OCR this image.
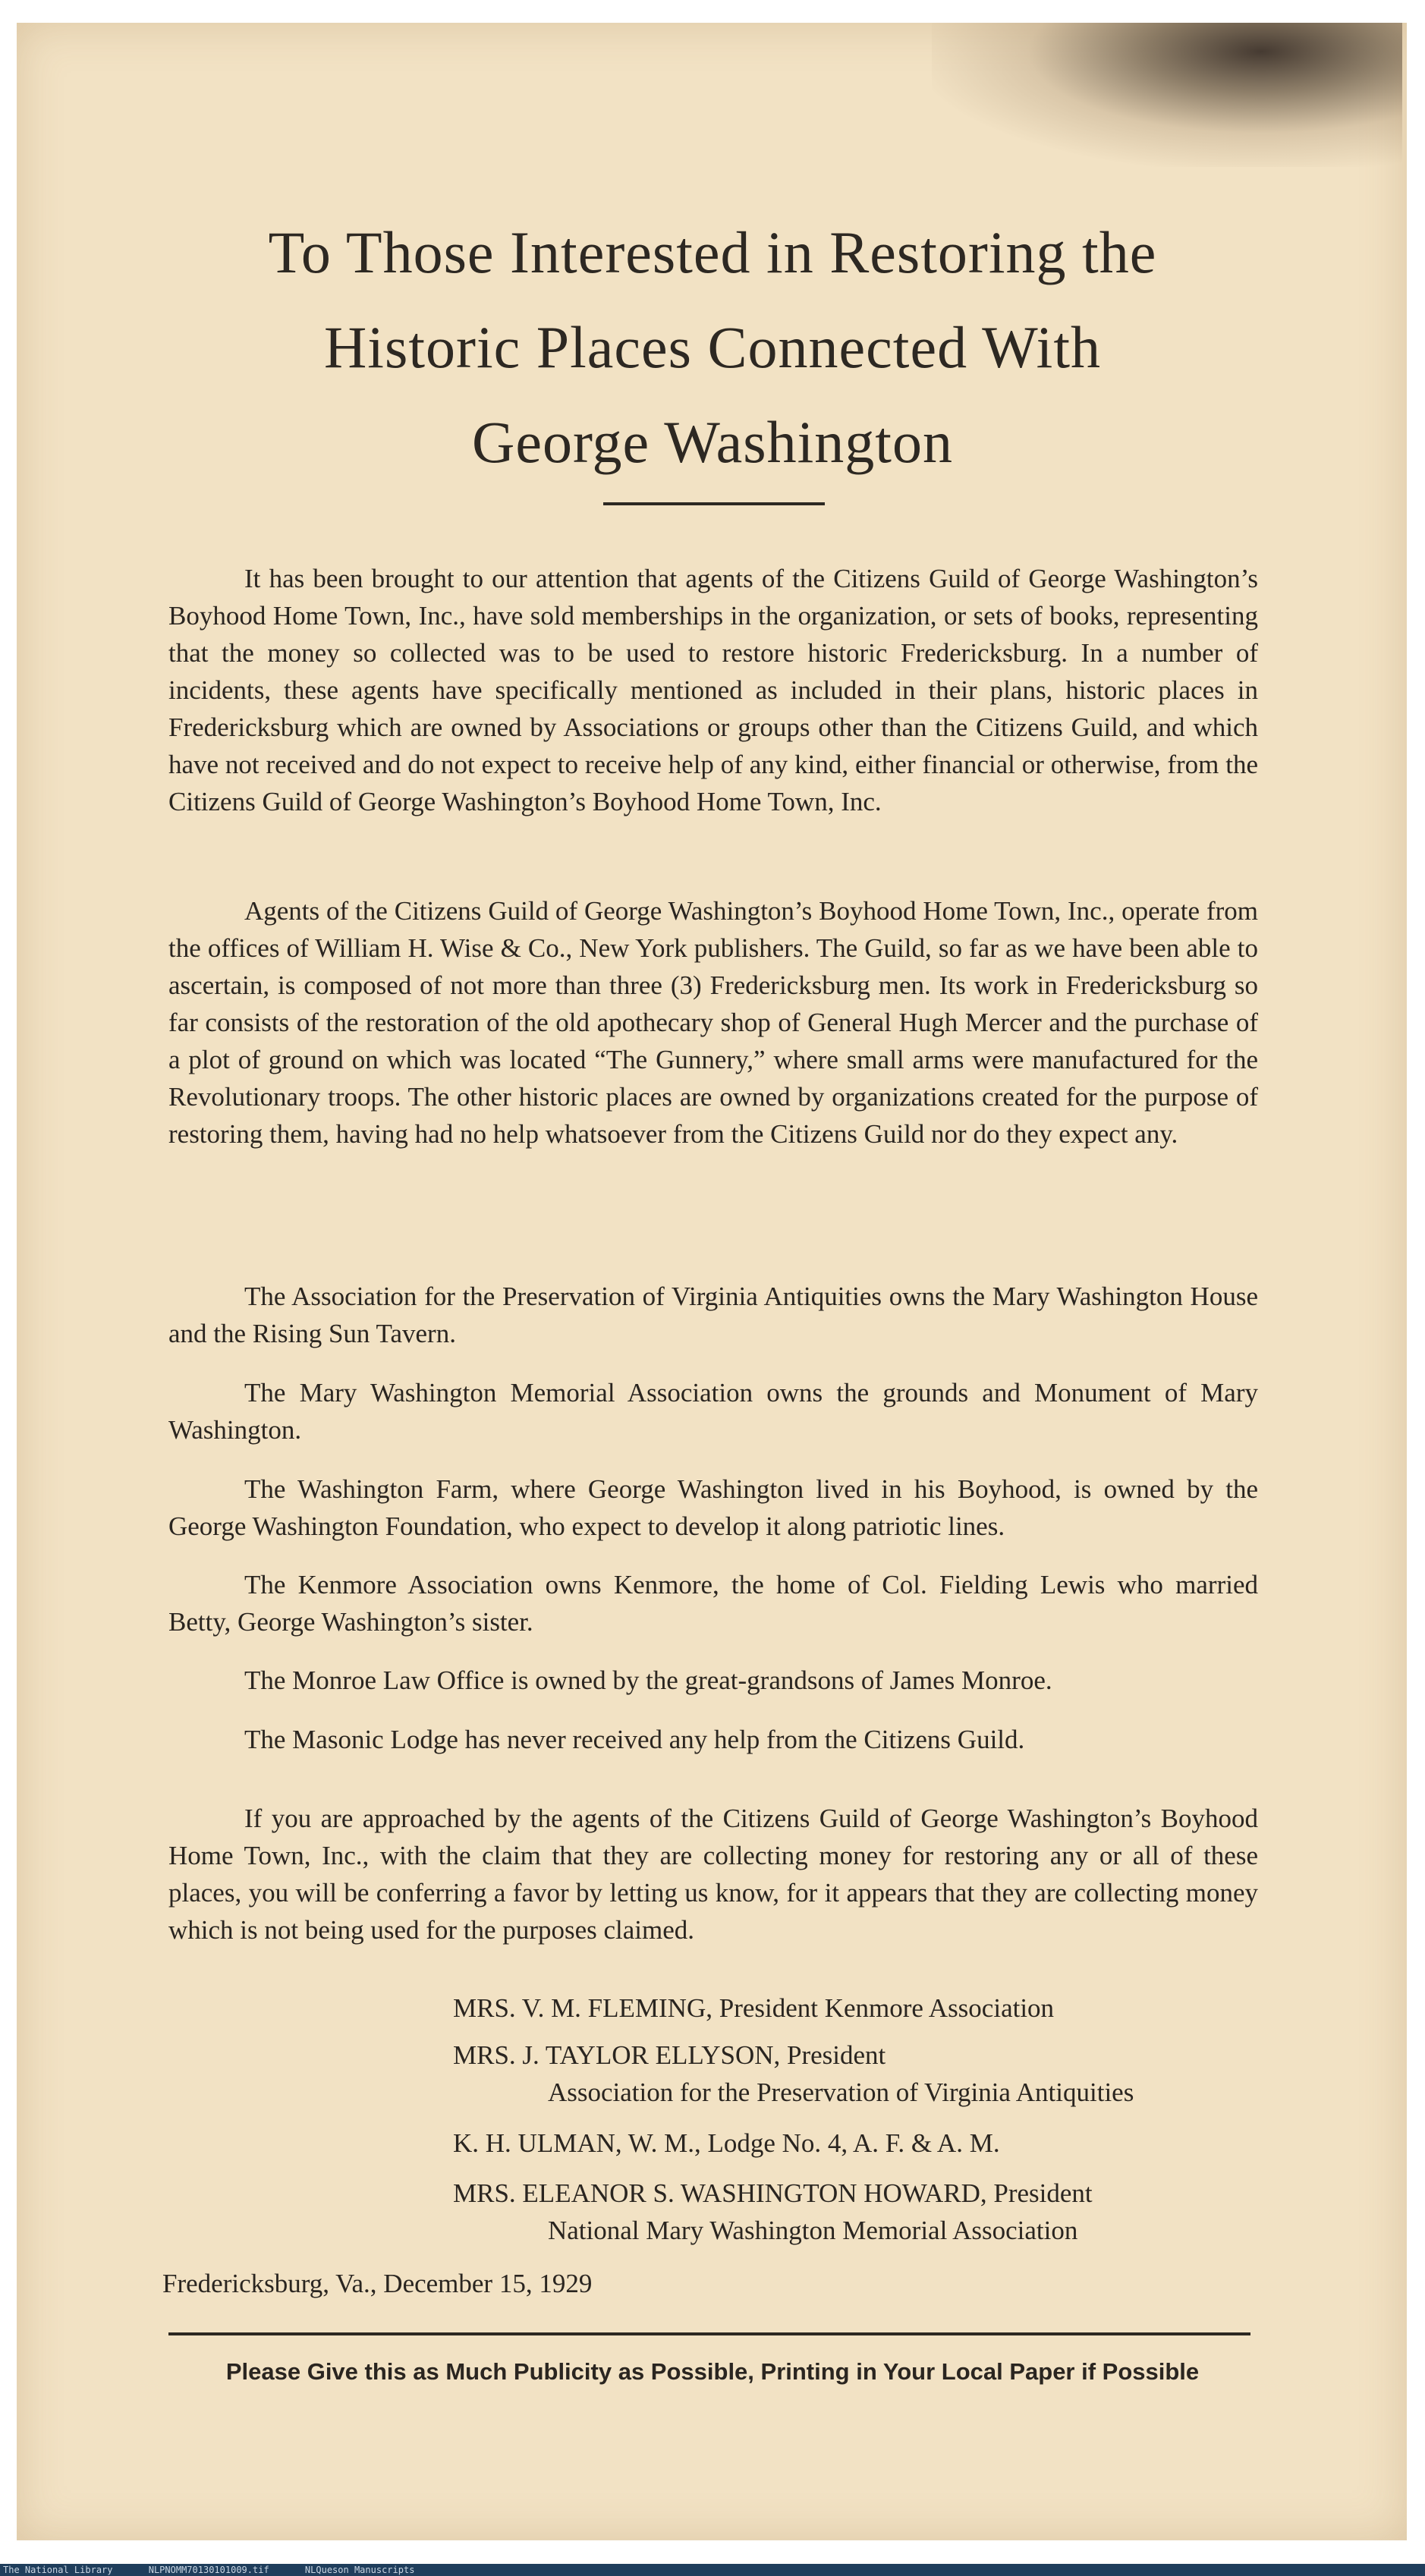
To Those Interested in Restoring the
Historic Places Connected With
George Washington
It has been brought to our attention that agents of the Citizens Guild of George Washington’s Boyhood Home Town, Inc., have sold memberships in the organization, or sets of books, representing that the money so collected was to be used to restore historic Fredericksburg. In a number of incidents, these agents have specifically mentioned as included in their plans, historic places in Fredericksburg which are owned by Associations or groups other than the Citizens Guild, and which have not received and do not expect to receive help of any kind, either financial or otherwise, from the Citizens Guild of George Washington’s Boyhood Home Town, Inc.
Agents of the Citizens Guild of George Washington’s Boyhood Home Town, Inc., operate from the offices of William H. Wise & Co., New York publishers. The Guild, so far as we have been able to ascertain, is composed of not more than three (3) Fredericksburg men. Its work in Fredericksburg so far consists of the restoration of the old apothecary shop of General Hugh Mercer and the purchase of a plot of ground on which was located “The Gunnery,” where small arms were manufactured for the Revolutionary troops. The other historic places are owned by organizations created for the purpose of restoring them, having had no help whatsoever from the Citizens Guild nor do they expect any.
The Association for the Preservation of Virginia Antiquities owns the Mary Washington House and the Rising Sun Tavern.
The Mary Washington Memorial Association owns the grounds and Monument of Mary Washington.
The Washington Farm, where George Washington lived in his Boyhood, is owned by the George Washington Foundation, who expect to develop it along patriotic lines.
The Kenmore Association owns Kenmore, the home of Col. Fielding Lewis who married Betty, George Washington’s sister.
The Monroe Law Office is owned by the great-grandsons of James Monroe.
The Masonic Lodge has never received any help from the Citizens Guild.
If you are approached by the agents of the Citizens Guild of George Washington’s Boyhood Home Town, Inc., with the claim that they are collecting money for restoring any or all of these places, you will be conferring a favor by letting us know, for it appears that they are collecting money which is not being used for the purposes claimed.
MRS. V. M. FLEMING, President Kenmore Association
MRS. J. TAYLOR ELLYSON, President
Association for the Preservation of Virginia Antiquities
K. H. ULMAN, W. M., Lodge No. 4, A. F. & A. M.
MRS. ELEANOR S. WASHINGTON HOWARD, President
National Mary Washington Memorial Association
Fredericksburg, Va., December 15, 1929
Please Give this as Much Publicity as Possible, Printing in Your Local Paper if Possible
The National Library	NLPNOMM70130101009.tif	NLQueson Manuscripts
